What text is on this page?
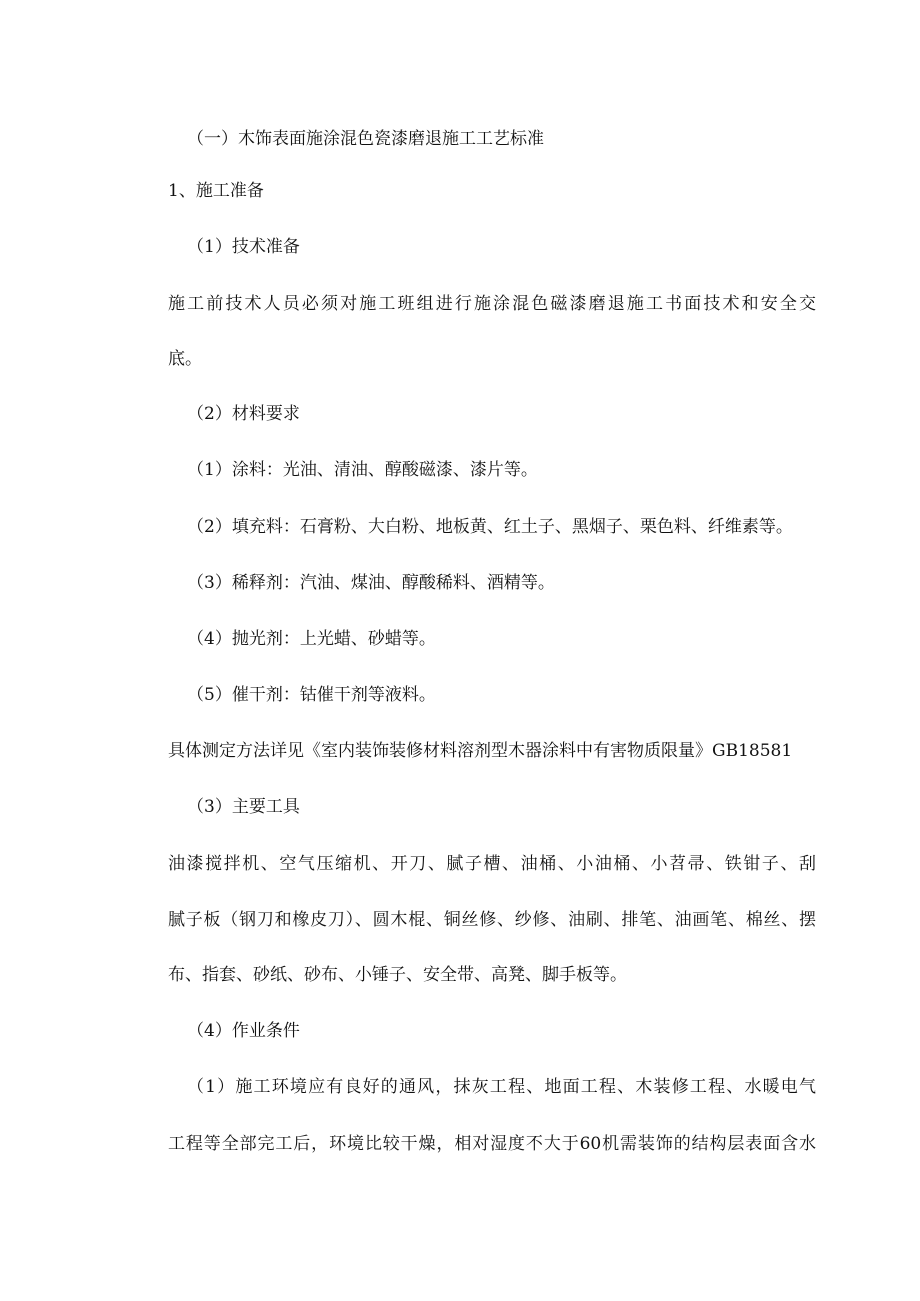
（一）木饰表面施涂混色瓷漆磨退施工工艺标准
1、施工准备
（1）技术准备
施工前技术人员必须对施工班组进行施涂混色磁漆磨退施工书面技术和安全交
底。
（2）材料要求
（1）涂料：光油、清油、醇酸磁漆、漆片等。
（2）填充料：石膏粉、大白粉、地板黄、红土子、黑烟子、栗色料、纤维素等。
（3）稀释剂：汽油、煤油、醇酸稀料、酒精等。
（4）抛光剂：上光蜡、砂蜡等。
（5）催干剂：钴催干剂等液料。
具体测定方法详见《室内装饰装修材料溶剂型木器涂料中有害物质限量》GB18581
（3）主要工具
油漆搅拌机、空气压缩机、开刀、腻子槽、油桶、小油桶、小苕帚、铁钳子、刮
腻子板（钢刀和橡皮刀）、圆木棍、铜丝修、纱修、油刷、排笔、油画笔、棉丝、摆
布、指套、砂纸、砂布、小锤子、安全带、高凳、脚手板等。
（4）作业条件
（1）施工环境应有良好的通风，抹灰工程、地面工程、木装修工程、水暖电气
工程等全部完工后，环境比较干燥，相对湿度不大于60机需装饰的结构层表面含水
